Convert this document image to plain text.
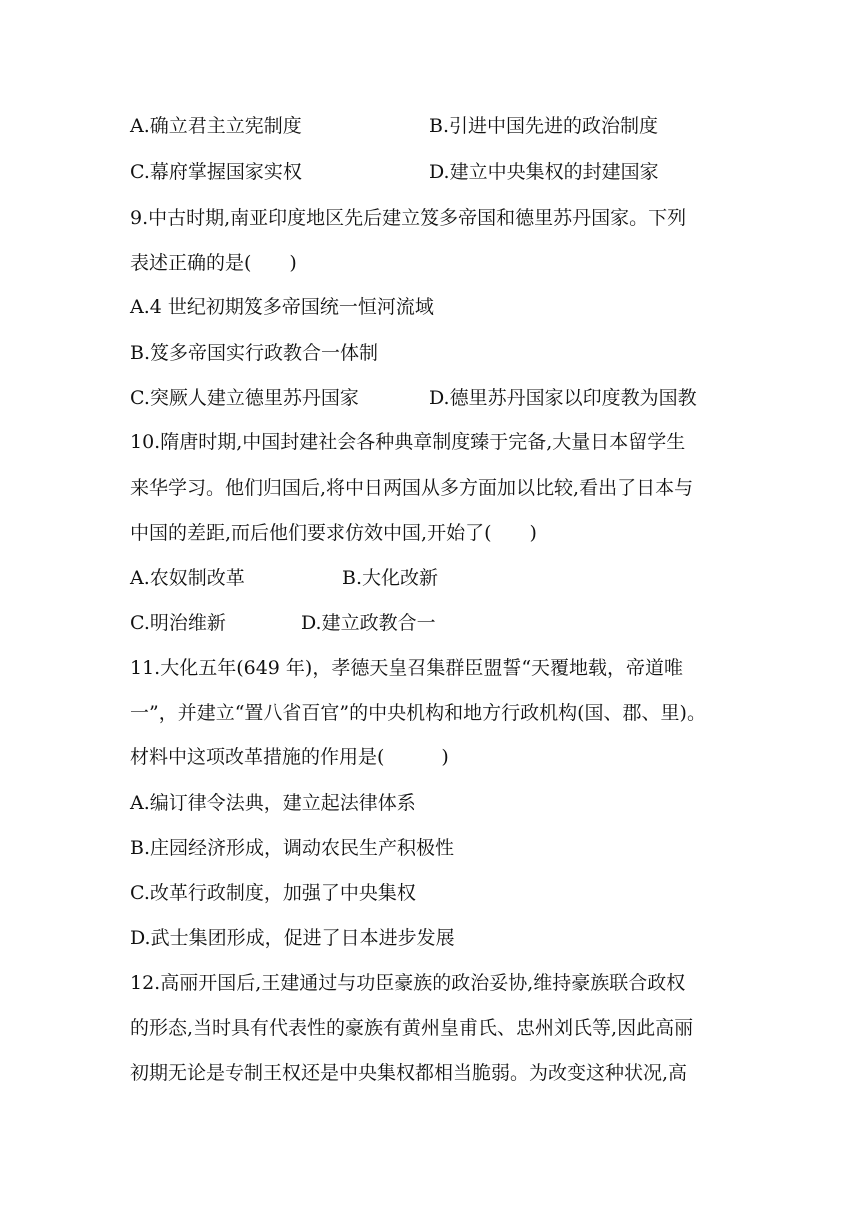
A.确立君主立宪制度	B.引进中国先进的政治制度
C.幕府掌握国家实权	D.建立中央集权的封建国家
9.中古时期,南亚印度地区先后建立笈多帝国和德里苏丹国家。下列
表述正确的是(　　)
A.4 世纪初期笈多帝国统一恒河流域
B.笈多帝国实行政教合一体制
C.突厥人建立德里苏丹国家	D.德里苏丹国家以印度教为国教
10.隋唐时期,中国封建社会各种典章制度臻于完备,大量日本留学生
来华学习。他们归国后,将中日两国从多方面加以比较,看出了日本与
中国的差距,而后他们要求仿效中国,开始了(　　)
A.农奴制改革	B.大化改新
C.明治维新	D.建立政教合一
11.大化五年(649 年)，孝德天皇召集群臣盟誓“天覆地载，帝道唯
一”，并建立“置八省百官”的中央机构和地方行政机构(国、郡、里)。
材料中这项改革措施的作用是(　　　)
A.编订律令法典，建立起法律体系
B.庄园经济形成，调动农民生产积极性
C.改革行政制度，加强了中央集权
D.武士集团形成，促进了日本进步发展
12.高丽开国后,王建通过与功臣豪族的政治妥协,维持豪族联合政权
的形态,当时具有代表性的豪族有黄州皇甫氏、忠州刘氏等,因此高丽
初期无论是专制王权还是中央集权都相当脆弱。为改变这种状况,高
